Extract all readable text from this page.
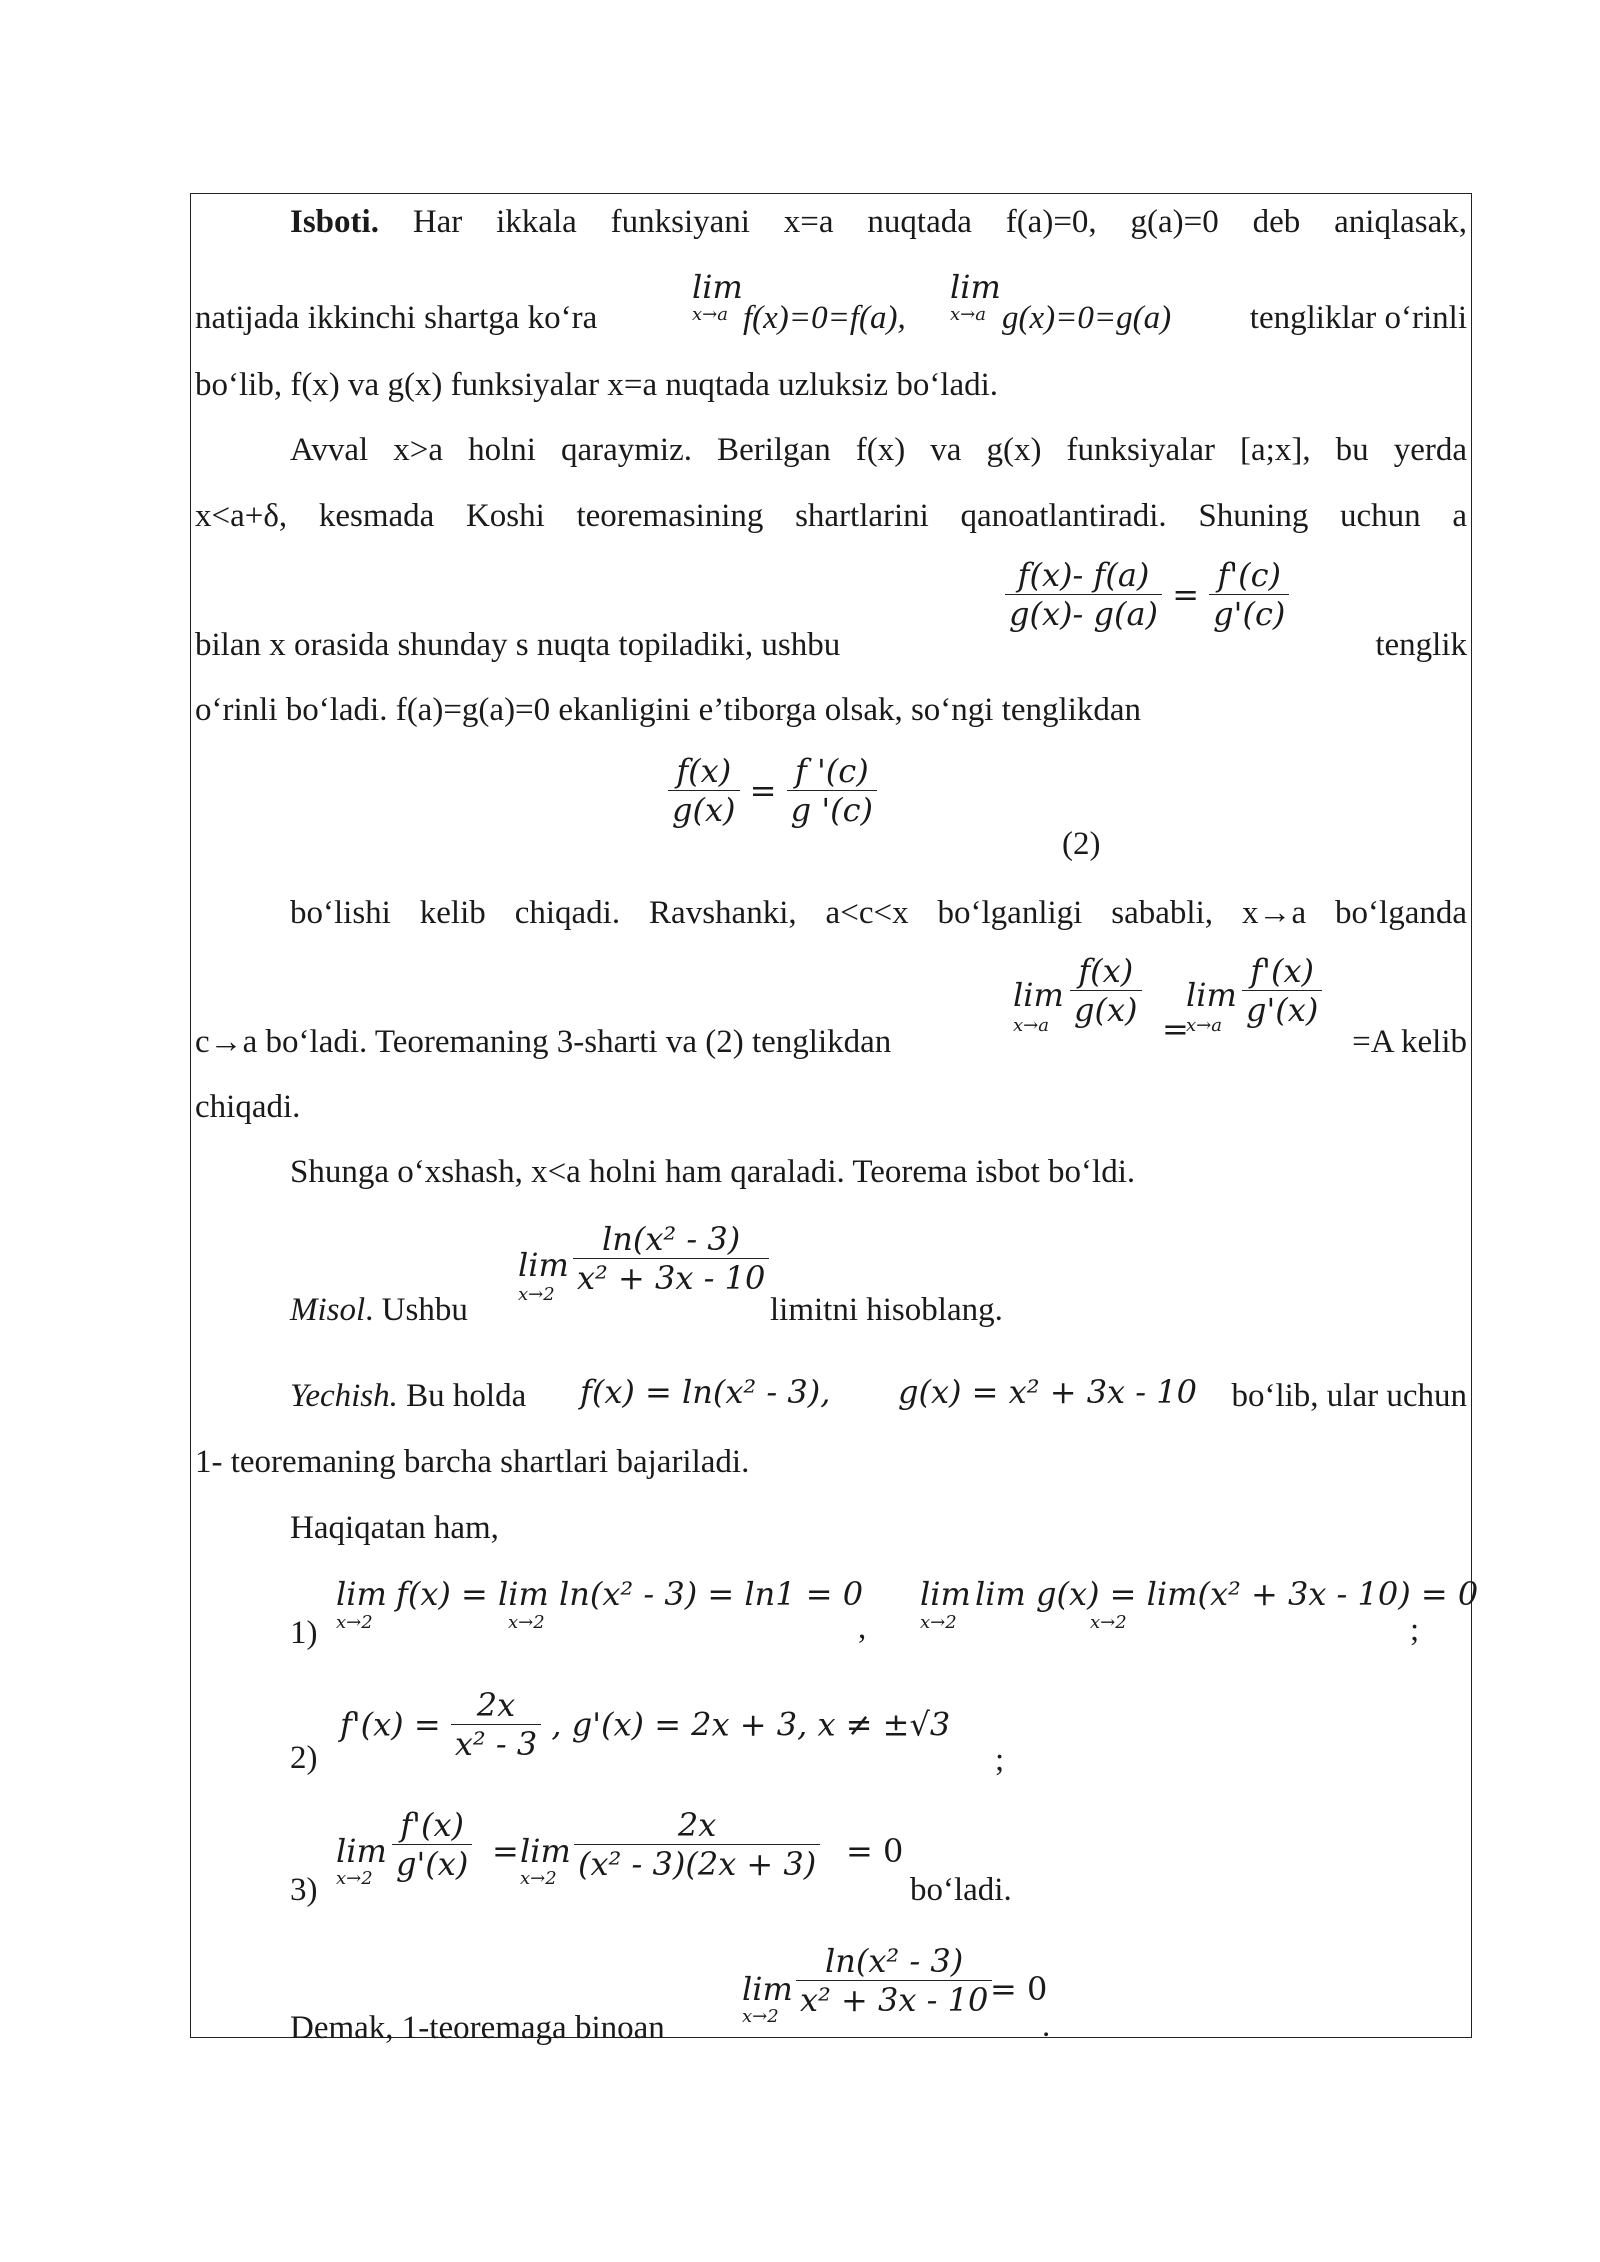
Isboti. Har ikkala funksiyani x=a nuqtada f(a)=0, g(a)=0 deb aniqlasak,
lim
x→a
lim
x→a
natijada ikkinchi shartga ko‘ra	f(x)=0=f(a),	g(x)=0=g(a) tengliklar o‘rinli
bo‘lib, f(x) va g(x) funksiyalar x=a nuqtada uzluksiz bo‘ladi.
Avval x>a holni qaraymiz. Berilgan f(x) va g(x) funksiyalar [a;x], bu yerda
x<a+δ, kesmada Koshi teoremasining shartlarini qanoatlantiradi. Shuning uchun a
$\frac{f(x)- f(a)}{g(x)- g(a)} = \frac{f'(c)}{g'(c)}$
bilan x orasida shunday s nuqta topiladiki, ushbu	tenglik
o‘rinli bo‘ladi. f(a)=g(a)=0 ekanligini e’tiborga olsak, so‘ngi tenglikdan
$\frac{f(x)}{g(x)} = \frac{f '(c)}{g '(c)}$
(2)
bo‘lishi kelib chiqadi. Ravshanki, a<c<x bo‘lganligi sababli, x→a bo‘lganda
lim
$x\to a \frac{f(x)}{g(x)}$ =
lim
$x\to a \frac{f'(x)}{g'(x)}$
c→a bo‘ladi. Teoremaning 3-sharti va (2) tenglikdan	=A kelib
chiqadi.
Shunga o‘xshash, x<a holni ham qaraladi. Teorema isbot bo‘ldi.
lim
$x\to 2 \frac{\text{ln(x² - 3)}}{\text{x² + 3x - 10}}$
Misol. Ushbu	limitni hisoblang.
Yechish. Bu holda f(x) = ln(x² - 3), g(x) = x² + 3x - 10 bo‘lib, ular uchun
1- teoremaning barcha shartlari bajariladi.
Haqiqatan ham,
1)
lim
x→2
f(x) = lim ln(x² - 3) = ln1 = 0
x→2	,
lim
x→2
lim g(x) = lim(x² + 3x - 10) = 0
x→2	;
2)
$f'(x) = \frac{2x}{\text{x² - 3}}$ , g'(x) = 2x + 3, x ≠ ±√3
;
3)
lim
$x\to 2 \frac{f'(x)}{g'(x)} = \lim$
$x\to 2 \frac{2x}{\text{(x² - 3)(2x + 3)}} = 0$
bo‘ladi.
lim
$x\to 2 \frac{\text{ln(x² - 3)}}{\text{x² + 3x - 10}}$
= 0
.
Demak, 1-teoremaga binoan
